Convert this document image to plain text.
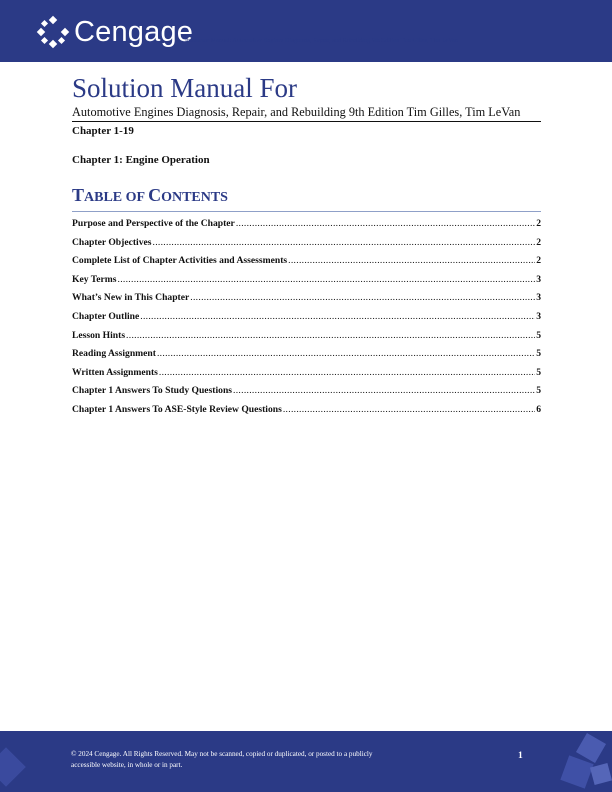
Cengage
Instructor Manual: Automotive Engines Diagnosis, Repair, and Rebuilding 9th Edition Tim Gilles, Tim LeVan
Solution Manual For
Automotive Engines Diagnosis, Repair, and Rebuilding 9th Edition Tim Gilles, Tim LeVan
Chapter 1-19
Chapter 1: Engine Operation
TABLE OF CONTENTS
Purpose and Perspective of the Chapter .....	2
Chapter Objectives .....	2
Complete List of Chapter Activities and Assessments .....	2
Key Terms .....	3
What’s New in This Chapter .....	3
Chapter Outline .....	3
Lesson Hints .....	5
Reading Assignment .....	5
Written Assignments .....	5
Chapter 1 Answers To Study Questions .....	5
Chapter 1 Answers To ASE-Style Review Questions .....	6
© 2024 Cengage. All Rights Reserved. May not be scanned, copied or duplicated, or posted to a publicly
accessible website, in whole or in part.
1
